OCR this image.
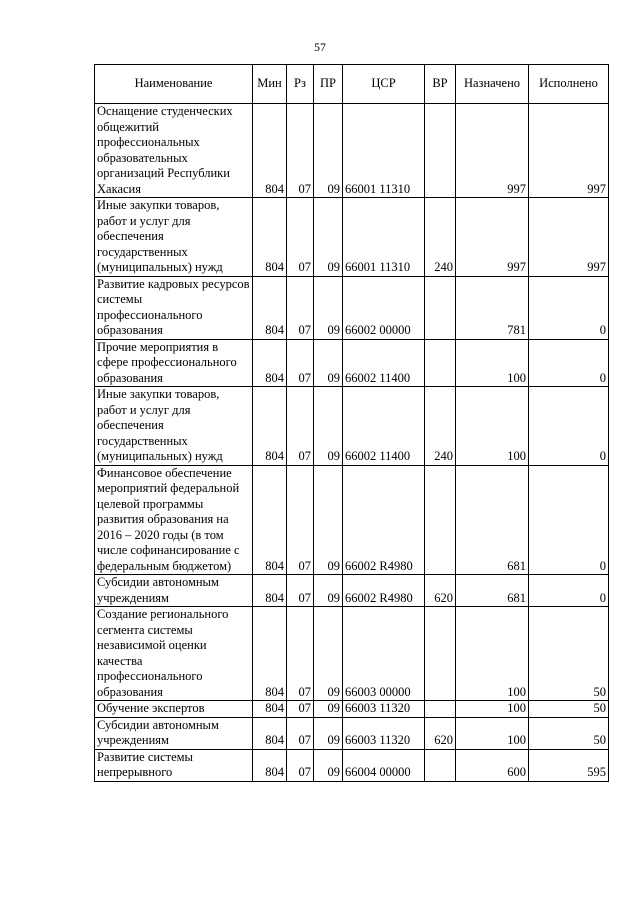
57
Наименование	Мин	Рз	ПР	ЦСР	ВР	Назначено	Исполнено
Оснащение студенческих общежитий профессиональных образовательных организаций Республики Хакасия	804	07	09	66001 11310		997	997
Иные закупки товаров, работ и услуг для обеспечения государственных (муниципальных) нужд	804	07	09	66001 11310	240	997	997
Развитие кадровых ресурсов системы профессионального образования	804	07	09	66002 00000		781	0
Прочие мероприятия в сфере профессионального образования	804	07	09	66002 11400		100	0
Иные закупки товаров, работ и услуг для обеспечения государственных (муниципальных) нужд	804	07	09	66002 11400	240	100	0
Финансовое обеспечение мероприятий федеральной целевой программы развития образования на 2016 – 2020 годы (в том числе софинансирование с федеральным бюджетом)	804	07	09	66002 R4980		681	0
Субсидии автономным учреждениям	804	07	09	66002 R4980	620	681	0
Создание регионального сегмента системы независимой оценки качества профессионального образования	804	07	09	66003 00000		100	50
Обучение экспертов	804	07	09	66003 11320		100	50
Субсидии автономным учреждениям	804	07	09	66003 11320	620	100	50
Развитие системы непрерывного	804	07	09	66004 00000		600	595
